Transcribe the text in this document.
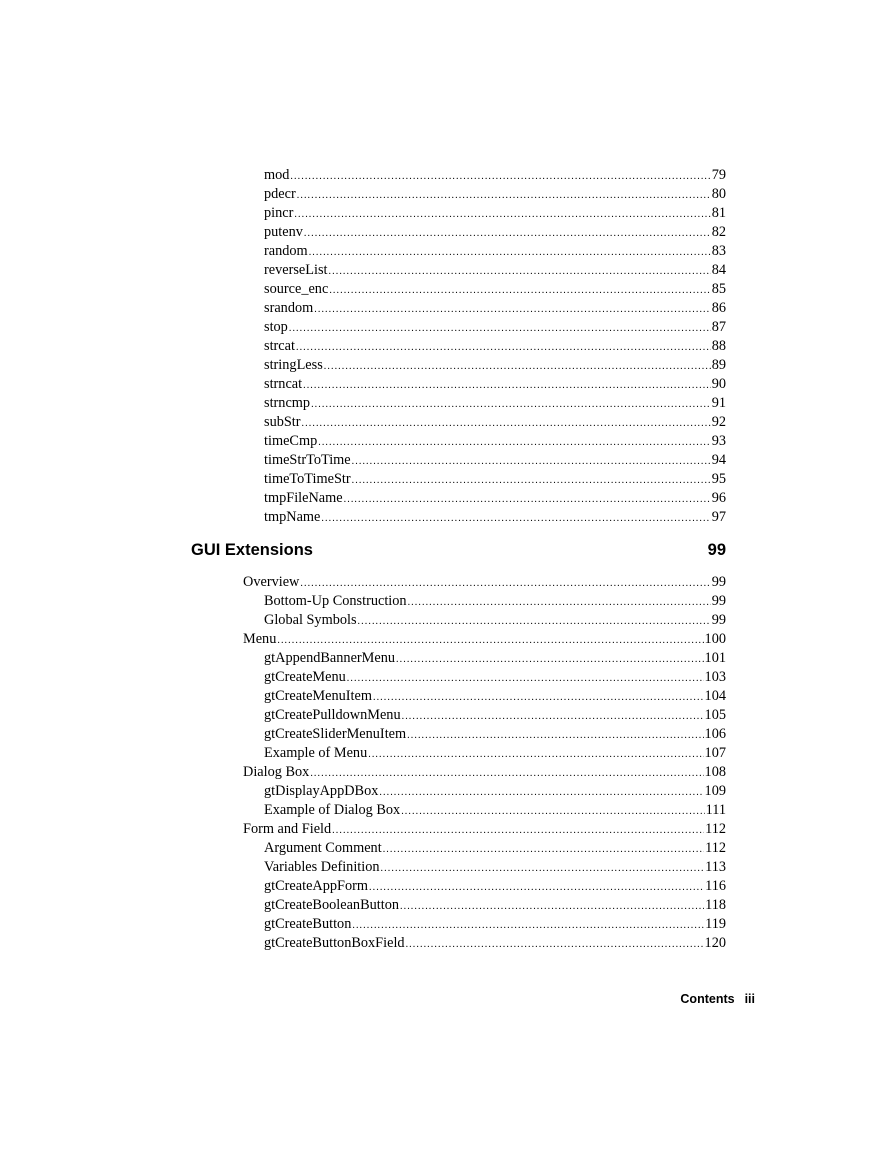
mod .....	79
pdecr .....	80
pincr .....	81
putenv .....	82
random .....	83
reverseList .....	84
source_enc .....	85
srandom .....	86
stop .....	87
strcat .....	88
stringLess .....	89
strncat .....	90
strncmp .....	91
subStr .....	92
timeCmp .....	93
timeStrToTime .....	94
timeToTimeStr .....	95
tmpFileName .....	96
tmpName .....	97
GUI Extensions	99
Overview .....	99
Bottom-Up Construction .....	99
Global Symbols .....	99
Menu .....	100
gtAppendBannerMenu .....	101
gtCreateMenu .....	103
gtCreateMenuItem .....	104
gtCreatePulldownMenu .....	105
gtCreateSliderMenuItem .....	106
Example of Menu .....	107
Dialog Box .....	108
gtDisplayAppDBox .....	109
Example of Dialog Box .....	111
Form and Field .....	112
Argument Comment .....	112
Variables Definition .....	113
gtCreateAppForm .....	116
gtCreateBooleanButton .....	118
gtCreateButton .....	119
gtCreateButtonBoxField .....	120
Contents iii
